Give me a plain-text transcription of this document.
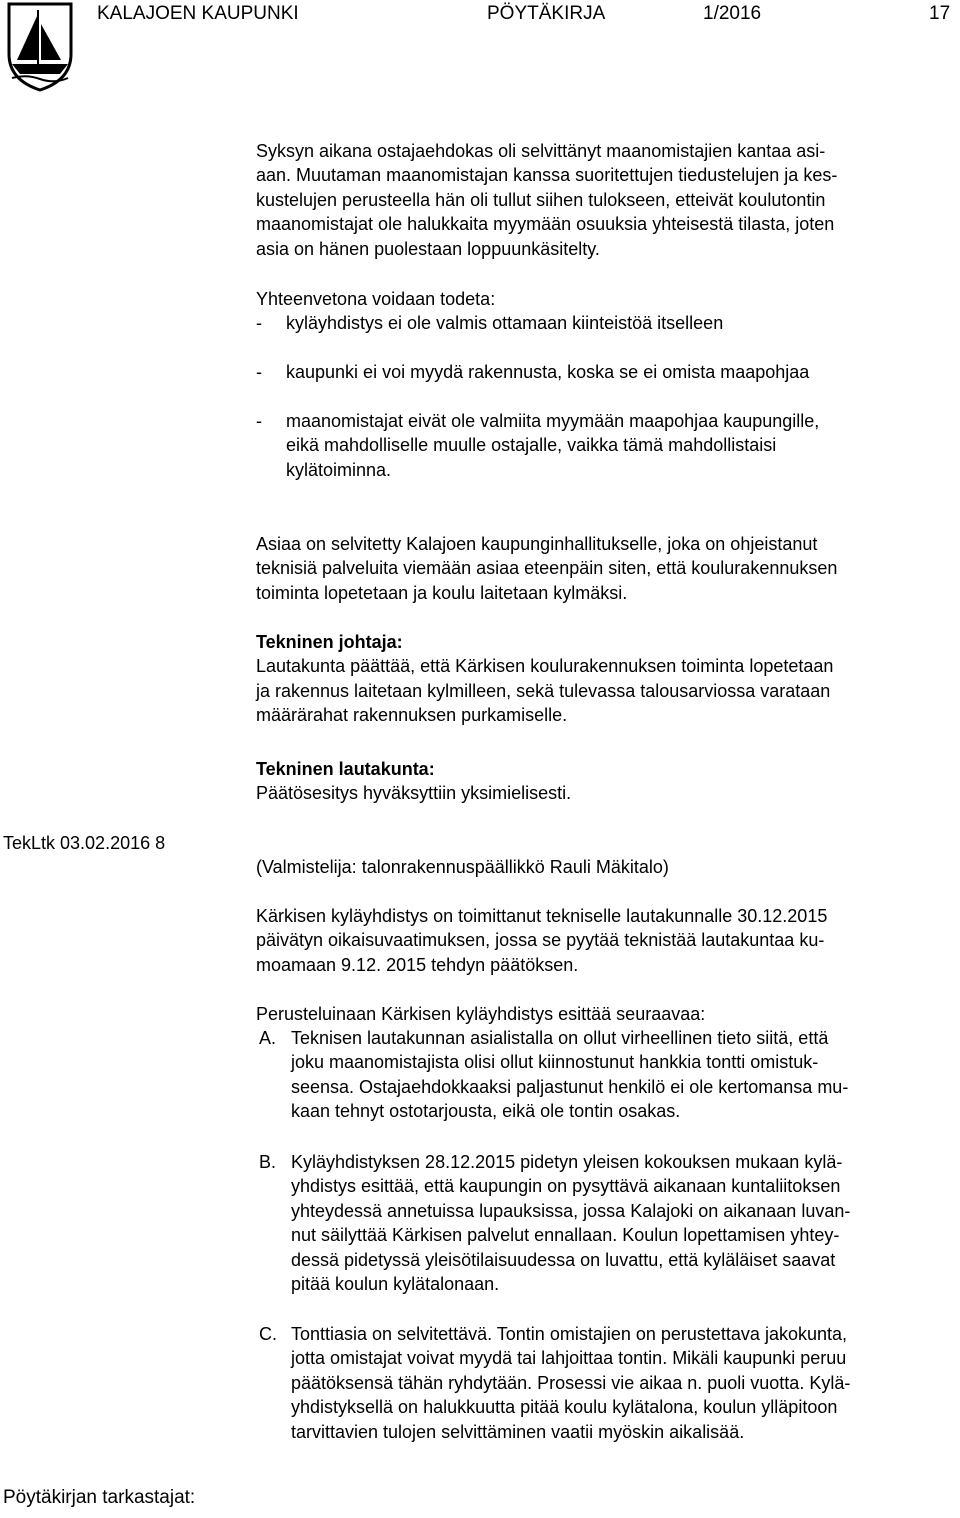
KALAJOEN KAUPUNKI	PÖYTÄKIRJA	1/2016	17
Syksyn aikana ostajaehdokas oli selvittänyt maanomistajien kantaa asi-
aan. Muutaman maanomistajan kanssa suoritettujen tiedustelujen ja kes-
kustelujen perusteella hän oli tullut siihen tulokseen, etteivät koulutontin
maanomistajat ole halukkaita myymään osuuksia yhteisestä tilasta, joten
asia on hänen puolestaan loppuunkäsitelty.
Yhteenvetona voidaan todeta:
- kyläyhdistys ei ole valmis ottamaan kiinteistöä itselleen
- kaupunki ei voi myydä rakennusta, koska se ei omista maapohjaa
- maanomistajat eivät ole valmiita myymään maapohjaa kaupungille,
eikä mahdolliselle muulle ostajalle, vaikka tämä mahdollistaisi
kylätoiminna.
Asiaa on selvitetty Kalajoen kaupunginhallitukselle, joka on ohjeistanut
teknisiä palveluita viemään asiaa eteenpäin siten, että koulurakennuksen
toiminta lopetetaan ja koulu laitetaan kylmäksi.
Tekninen johtaja:
Lautakunta päättää, että Kärkisen koulurakennuksen toiminta lopetetaan
ja rakennus laitetaan kylmilleen, sekä tulevassa talousarviossa varataan
määrärahat rakennuksen purkamiselle.
Tekninen lautakunta:
Päätösesitys hyväksyttiin yksimielisesti.
TekLtk 03.02.2016 8
(Valmistelija: talonrakennuspäällikkö Rauli Mäkitalo)
Kärkisen kyläyhdistys on toimittanut tekniselle lautakunnalle 30.12.2015
päivätyn oikaisuvaatimuksen, jossa se pyytää teknistää lautakuntaa ku-
moamaan 9.12. 2015 tehdyn päätöksen.
Perusteluinaan Kärkisen kyläyhdistys esittää seuraavaa:
A. Teknisen lautakunnan asialistalla on ollut virheellinen tieto siitä, että
joku maanomistajista olisi ollut kiinnostunut hankkia tontti omistuk-
seensa. Ostajaehdokkaaksi paljastunut henkilö ei ole kertomansa mu-
kaan tehnyt ostotarjousta, eikä ole tontin osakas.
B. Kyläyhdistyksen 28.12.2015 pidetyn yleisen kokouksen mukaan kylä-
yhdistys esittää, että kaupungin on pysyttävä aikanaan kuntaliitoksen
yhteydessä annetuissa lupauksissa, jossa Kalajoki on aikanaan luvan-
nut säilyttää Kärkisen palvelut ennallaan. Koulun lopettamisen yhtey-
dessä pidetyssä yleisötilaisuudessa on luvattu, että kyläläiset saavat
pitää koulun kylätalonaan.
C. Tonttiasia on selvitettävä. Tontin omistajien on perustettava jakokunta,
jotta omistajat voivat myydä tai lahjoittaa tontin. Mikäli kaupunki peruu
päätöksensä tähän ryhdytään. Prosessi vie aikaa n. puoli vuotta. Kylä-
yhdistyksellä on halukkuutta pitää koulu kylätalona, koulun ylläpitoon
tarvittavien tulojen selvittäminen vaatii myöskin aikalisää.
Pöytäkirjan tarkastajat:
